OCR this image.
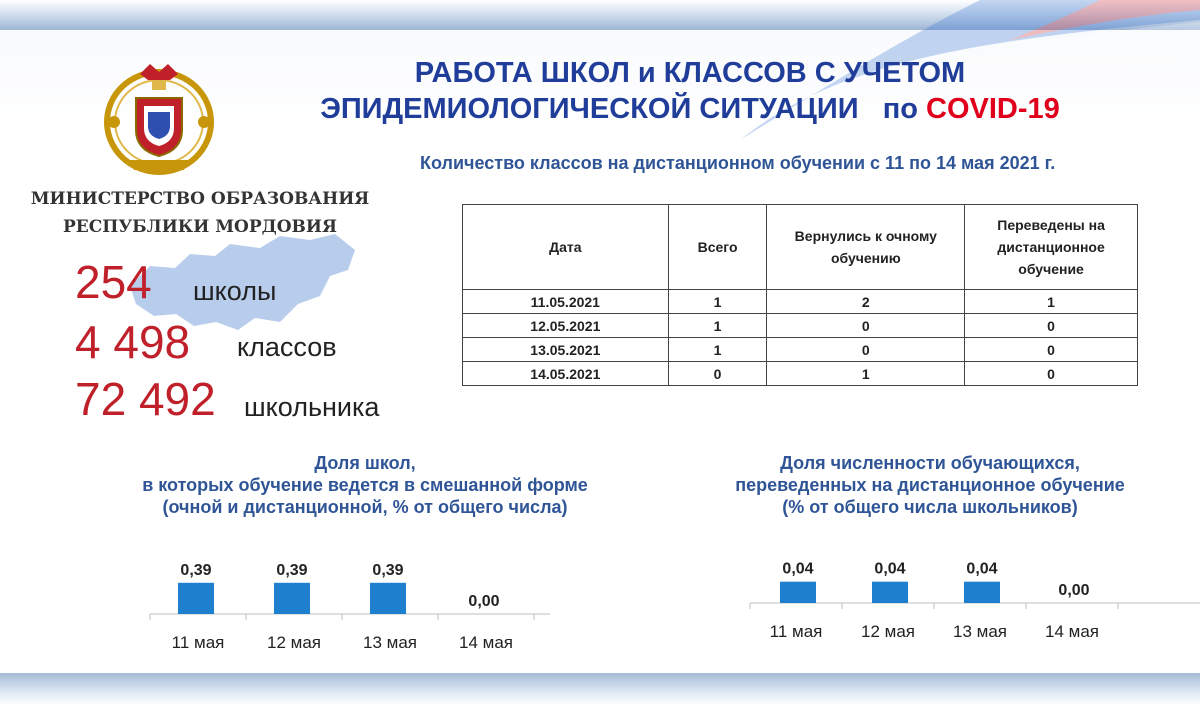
РАБОТА ШКОЛ и КЛАССОВ С УЧЕТОМ
ЭПИДЕМИОЛОГИЧЕСКОЙ СИТУАЦИИ по COVID-19
МИНИСТЕРСТВО ОБРАЗОВАНИЯ
РЕСПУБЛИКИ МОРДОВИЯ
254 школы
4 498 классов
72 492 школьника
Количество классов на дистанционном обучении с 11 по 14 мая 2021 г.
Дата	Всего	Вернулись к очному обучению	Переведены на дистанционное обучение
11.05.2021	1	2	1
12.05.2021	1	0	0
13.05.2021	1	0	0
14.05.2021	0	1	0
Доля школ,
в которых обучение ведется в смешанной форме
(очной и дистанционной, % от общего числа)
0,39
11 мая
0,39
12 мая
0,39
13 мая
0,00
14 мая
Доля численности обучающихся,
переведенных на дистанционное обучение
(% от общего числа школьников)
0,04
11 мая
0,04
12 мая
0,04
13 мая
0,00
14 мая
